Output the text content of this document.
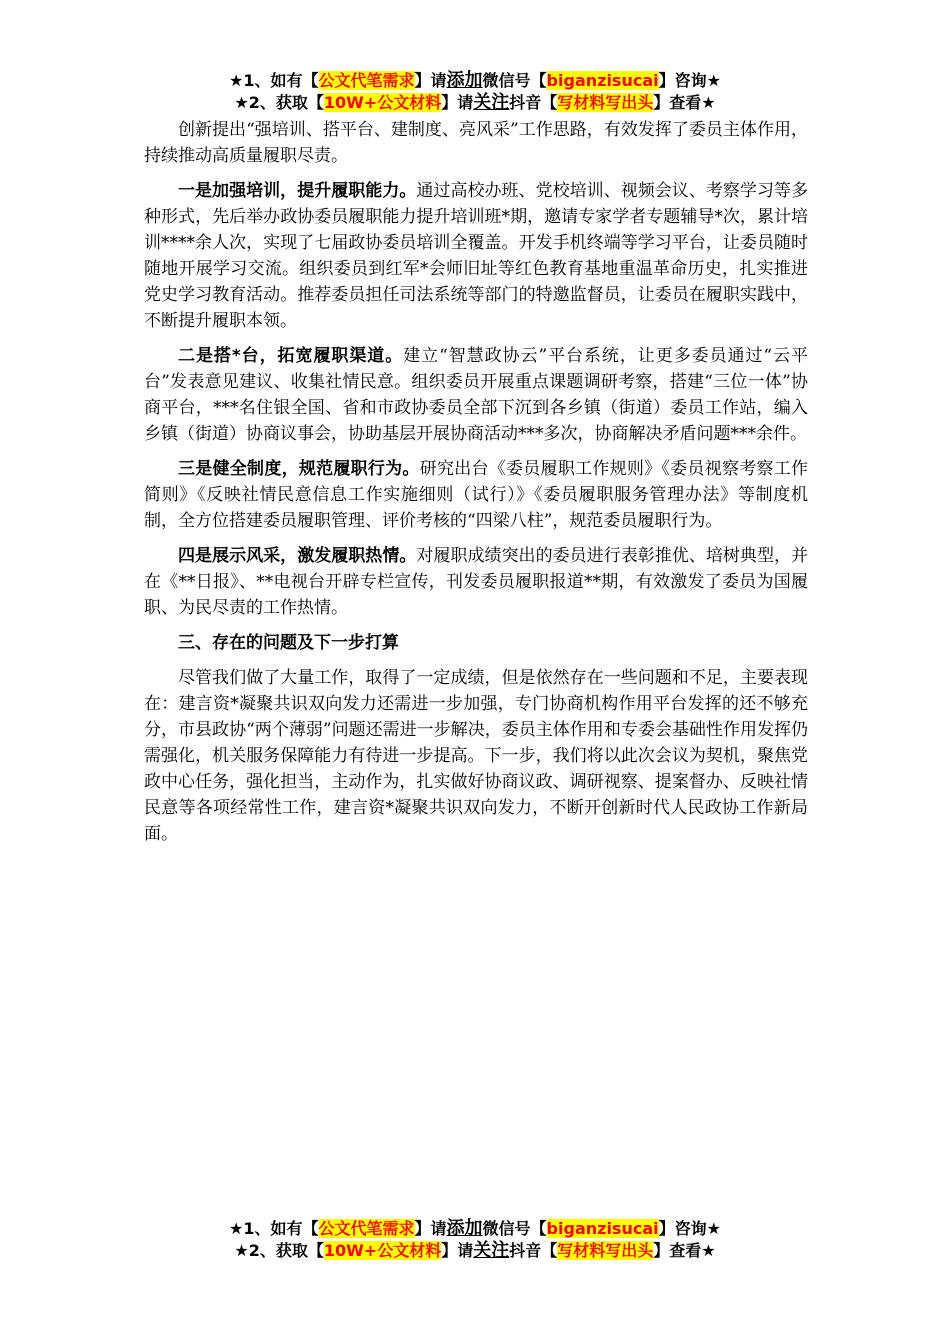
★1、如有【公文代笔需求】请添加微信号【biganzisucai】咨询★
★2、获取【10W+公文材料】请关注抖音【写材料写出头】查看★

创新提出“强培训、搭平台、建制度、亮风采”工作思路，有效发挥了委员主体作用，持续推动高质量履职尽责。

一是加强培训，提升履职能力。通过高校办班、党校培训、视频会议、考察学习等多种形式，先后举办政协委员履职能力提升培训班*期，邀请专家学者专题辅导*次，累计培训****余人次，实现了七届政协委员培训全覆盖。开发手机终端等学习平台，让委员随时随地开展学习交流。组织委员到红军*会师旧址等红色教育基地重温革命历史，扎实推进党史学习教育活动。推荐委员担任司法系统等部门的特邀监督员，让委员在履职实践中，不断提升履职本领。

二是搭*台，拓宽履职渠道。建立“智慧政协云”平台系统，让更多委员通过“云平台”发表意见建议、收集社情民意。组织委员开展重点课题调研考察，搭建“三位一体”协商平台，***名住银全国、省和市政协委员全部下沉到各乡镇（街道）委员工作站，编入乡镇（街道）协商议事会，协助基层开展协商活动***多次，协商解决矛盾问题***余件。

三是健全制度，规范履职行为。研究出台《委员履职工作规则》《委员视察考察工作简则》《反映社情民意信息工作实施细则（试行）》《委员履职服务管理办法》等制度机制，全方位搭建委员履职管理、评价考核的“四梁八柱”，规范委员履职行为。

四是展示风采，激发履职热情。对履职成绩突出的委员进行表彰推优、培树典型，并在《**日报》、**电视台开辟专栏宣传，刊发委员履职报道**期，有效激发了委员为国履职、为民尽责的工作热情。

三、存在的问题及下一步打算

尽管我们做了大量工作，取得了一定成绩，但是依然存在一些问题和不足，主要表现在：建言资*凝聚共识双向发力还需进一步加强，专门协商机构作用平台发挥的还不够充分，市县政协“两个薄弱”问题还需进一步解决，委员主体作用和专委会基础性作用发挥仍需强化，机关服务保障能力有待进一步提高。下一步，我们将以此次会议为契机，聚焦党政中心任务，强化担当，主动作为，扎实做好协商议政、调研视察、提案督办、反映社情民意等各项经常性工作，建言资*凝聚共识双向发力，不断开创新时代人民政协工作新局面。

★1、如有【公文代笔需求】请添加微信号【biganzisucai】咨询★
★2、获取【10W+公文材料】请关注抖音【写材料写出头】查看★
